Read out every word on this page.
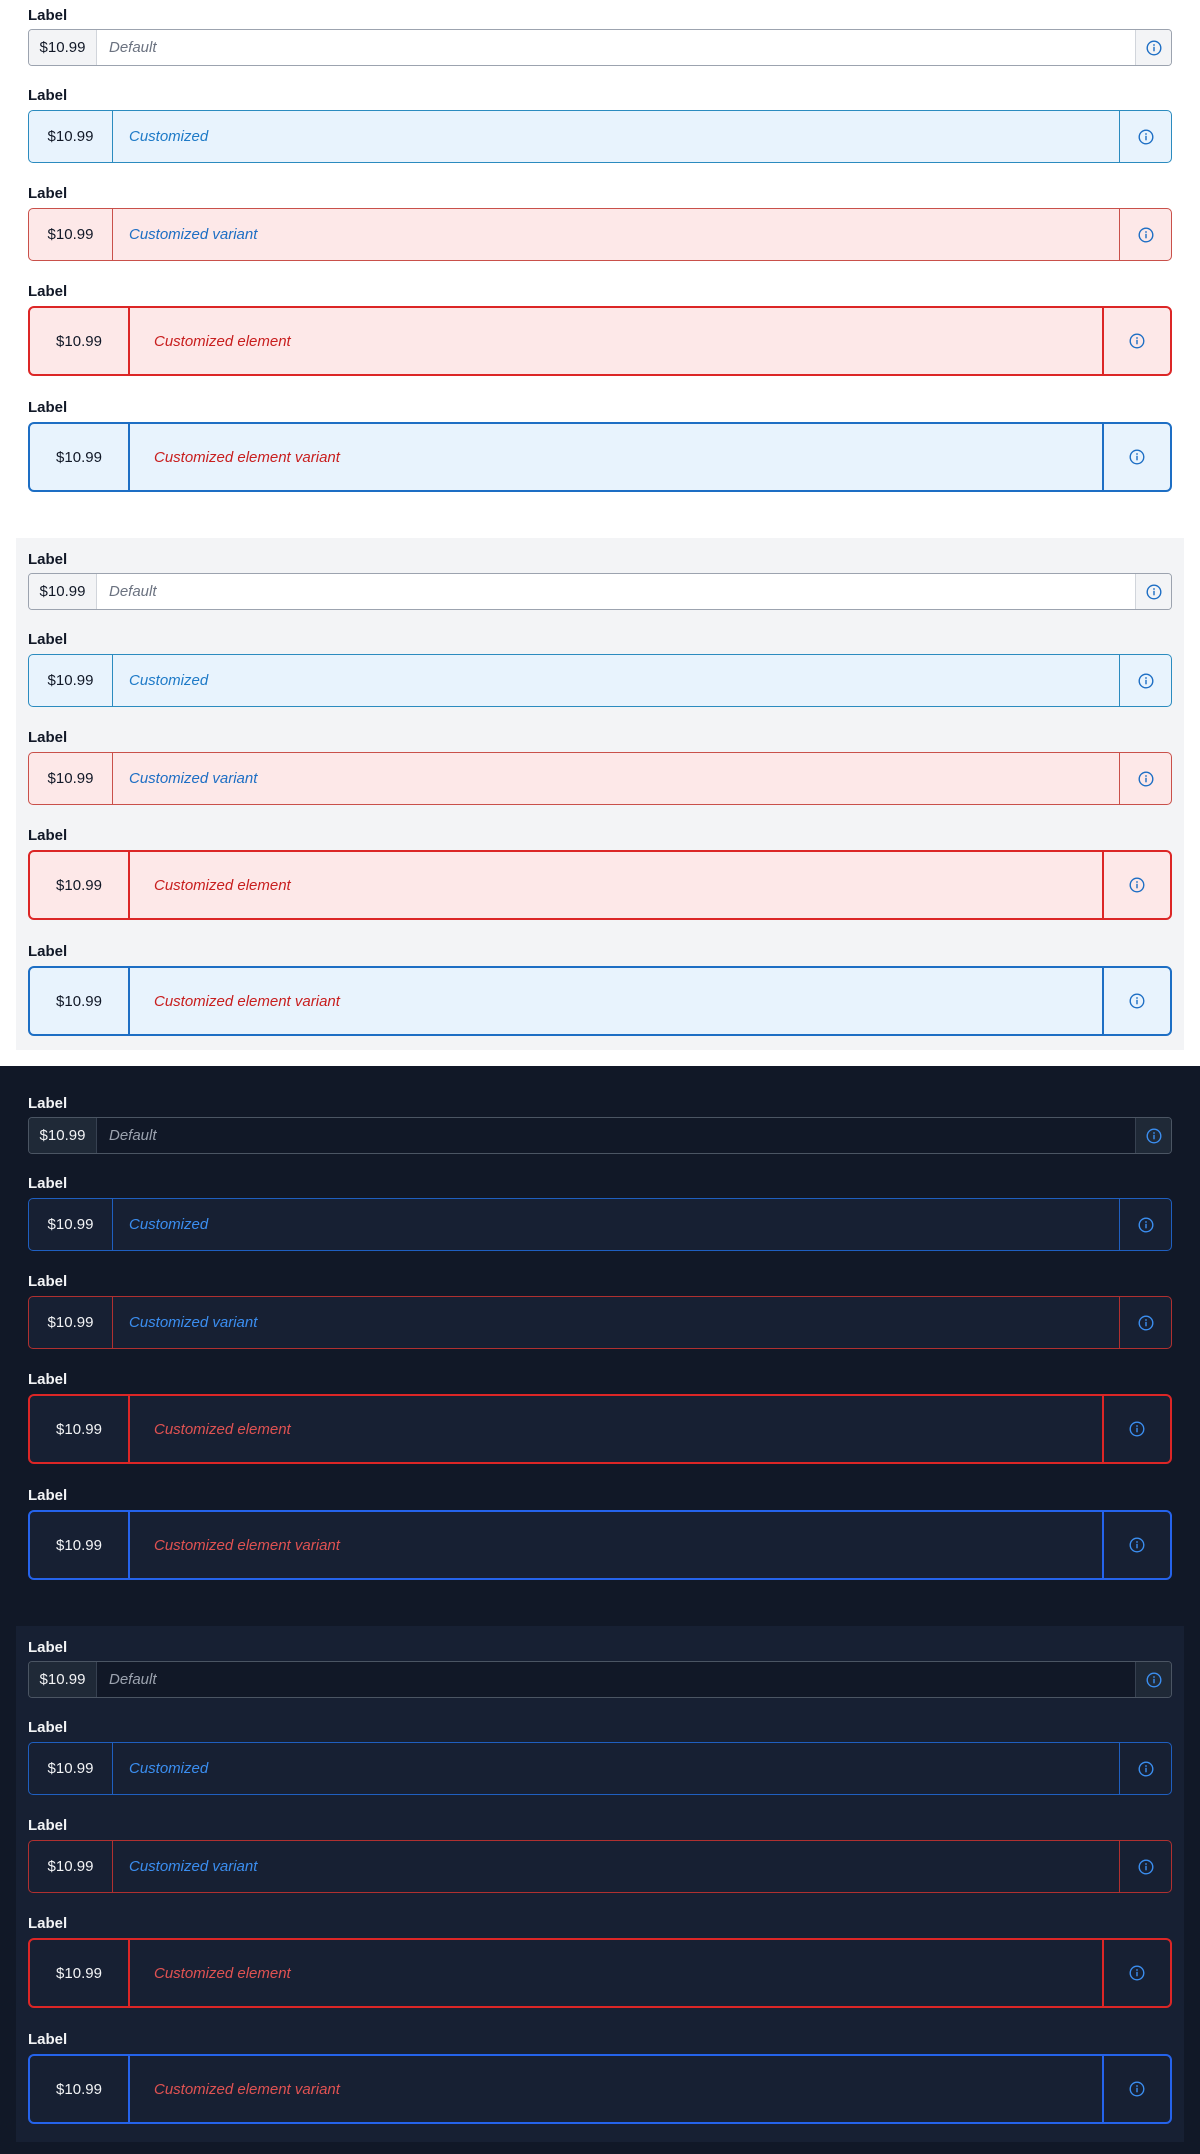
Label
$10.99	Default
Label
$10.99	Customized
Label
$10.99	Customized variant
Label
$10.99	Customized element
Label
$10.99	Customized element variant
Label
$10.99	Default
Label
$10.99	Customized
Label
$10.99	Customized variant
Label
$10.99	Customized element
Label
$10.99	Customized element variant
Label
$10.99	Default
Label
$10.99	Customized
Label
$10.99	Customized variant
Label
$10.99	Customized element
Label
$10.99	Customized element variant
Label
$10.99	Default
Label
$10.99	Customized
Label
$10.99	Customized variant
Label
$10.99	Customized element
Label
$10.99	Customized element variant
